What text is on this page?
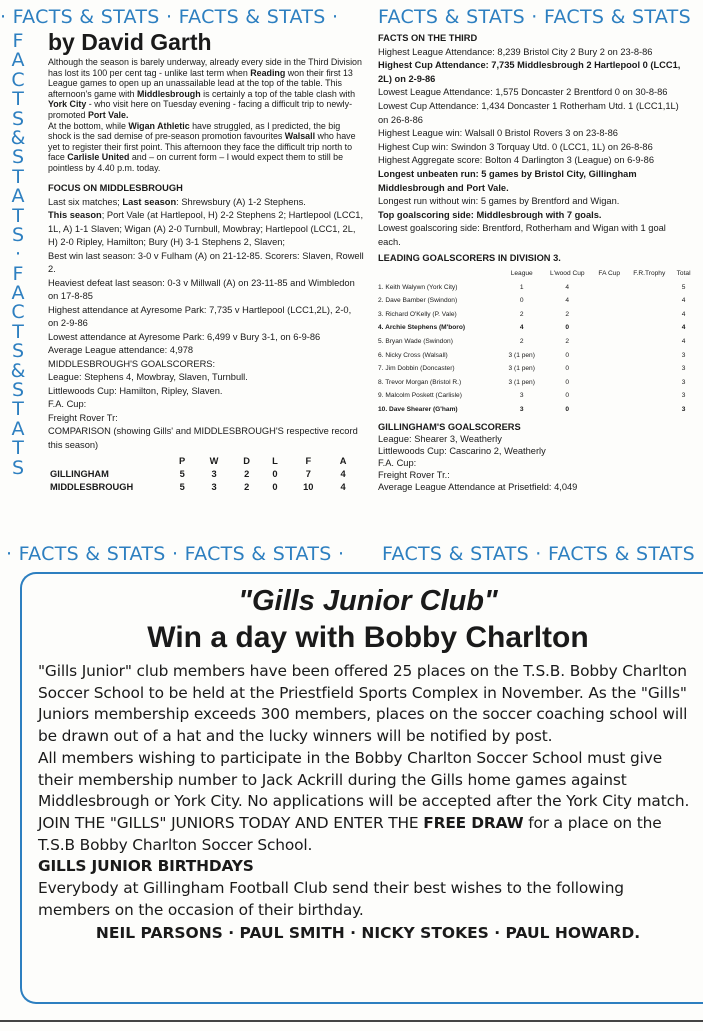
· FACTS & STATS · FACTS & STATS · FACTS & STATS · FACTS & STATS
F
A
C
T
S
&
S
T
A
T
S
·
F
A
C
T
S
&
S
T
A
T
S
by David Garth
Although the season is barely underway, already every side in the Third Division has lost its 100 per cent tag - unlike last term when Reading won their first 13 League games to open up an unassailable lead at the top of the table. This afternoon's game with Middlesbrough is certainly a top of the table clash with York City - who visit here on Tuesday evening - facing a difficult trip to newly-promoted Port Vale.
At the bottom, while Wigan Athletic have struggled, as I predicted, the big shock is the sad demise of pre-season promotion favourites Walsall who have yet to register their first point. This afternoon they face the difficult trip north to face Carlisle United and – on current form – I would expect them to still be pointless by 4.40 p.m. today.
FOCUS ON MIDDLESBROUGH
Last six matches; Last season: Shrewsbury (A) 1-2 Stephens.
This season; Port Vale (at Hartlepool, H) 2-2 Stephens 2; Hartlepool (LCC1, 1L, A) 1-1 Slaven; Wigan (A) 2-0 Turnbull, Mowbray; Hartlepool (LCC1, 2L, H) 2-0 Ripley, Hamilton; Bury (H) 3-1 Stephens 2, Slaven;
Best win last season: 3-0 v Fulham (A) on 21-12-85. Scorers: Slaven, Rowell 2.
Heaviest defeat last season: 0-3 v Millwall (A) on 23-11-85 and Wimbledon on 17-8-85
Highest attendance at Ayresome Park: 7,735 v Hartlepool (LCC1,2L), 2-0, on 2-9-86
Lowest attendance at Ayresome Park: 6,499 v Bury 3-1, on 6-9-86
Average League attendance: 4,978
MIDDLESBROUGH'S GOALSCORERS:
League: Stephens 4, Mowbray, Slaven, Turnbull.
Littlewoods Cup: Hamilton, Ripley, Slaven.
F.A. Cup:
Freight Rover Tr:
COMPARISON (showing Gills' and MIDDLESBROUGH'S respective record this season)
	P	W	D	L	F	A
GILLINGHAM	5	3	2	0	7	4
MIDDLESBROUGH	5	3	2	0	10	4

FACTS ON THE THIRD

Highest League Attendance: 8,239 Bristol City 2 Bury 2 on 23-8-86

Highest Cup Attendance: 7,735 Middlesbrough 2 Hartlepool 0 (LCC1, 2L) on 2-9-86

Lowest League Attendance: 1,575 Doncaster 2 Brentford 0 on 30-8-86

Lowest Cup Attendance: 1,434 Doncaster 1 Rotherham Utd. 1 (LCC1,1L) on 26-8-86

Highest League win: Walsall 0 Bristol Rovers 3 on 23-8-86

Highest Cup win: Swindon 3 Torquay Utd. 0 (LCC1, 1L) on 26-8-86

Highest Aggregate score: Bolton 4 Darlington 3 (League) on 6-9-86

Longest unbeaten run: 5 games by Bristol City, Gillingham Middlesbrough and Port Vale.

Longest run without win: 5 games by Brentford and Wigan.

Top goalscoring side: Middlesbrough with 7 goals.

Lowest goalscoring side: Brentford, Rotherham and Wigan with 1 goal each.

LEADING GOALSCORERS IN DIVISION 3.

	League	L'wood Cup	FA Cup	F.R.Trophy	Total
1. Keith Walywn (York City)	1	4			5
2. Dave Bamber (Swindon)	0	4			4
3. Richard O'Kelly (P. Vale)	2	2			4
4. Archie Stephens (M'boro)	4	0			4
5. Bryan Wade (Swindon)	2	2			4
6. Nicky Cross (Walsall)	3 (1 pen)	0			3
7. Jim Dobbin (Doncaster)	3 (1 pen)	0			3
8. Trevor Morgan (Bristol R.)	3 (1 pen)	0			3
9. Malcolm Poskett (Carlisle)	3	0			3
10. Dave Shearer (G'ham)	3	0			3
GILLINGHAM'S GOALSCORERS
League: Shearer 3, Weatherly
Littlewoods Cup: Cascarino 2, Weatherly
F.A. Cup:
Freight Rover Tr.:
Average League Attendance at Prisetfield: 4,049
· FACTS & STATS · FACTS & STATS · FACTS & STATS · FACTS & STATS
"Gills Junior Club"
Win a day with Bobby Charlton
"Gills Junior" club members have been offered 25 places on the T.S.B. Bobby Charlton Soccer School to be held at the Priestfield Sports Complex in November. As the "Gills" Juniors membership exceeds 300 members, places on the soccer coaching school will be drawn out of a hat and the lucky winners will be notified by post.
All members wishing to participate in the Bobby Charlton Soccer School must give their membership number to Jack Ackrill during the Gills home games against Middlesbrough or York City. No applications will be accepted after the York City match.
JOIN THE "GILLS" JUNIORS TODAY AND ENTER THE FREE DRAW for a place on the T.S.B Bobby Charlton Soccer School.
GILLS JUNIOR BIRTHDAYS
Everybody at Gillingham Football Club send their best wishes to the following members on the occasion of their birthday.
NEIL PARSONS · PAUL SMITH · NICKY STOKES · PAUL HOWARD.
